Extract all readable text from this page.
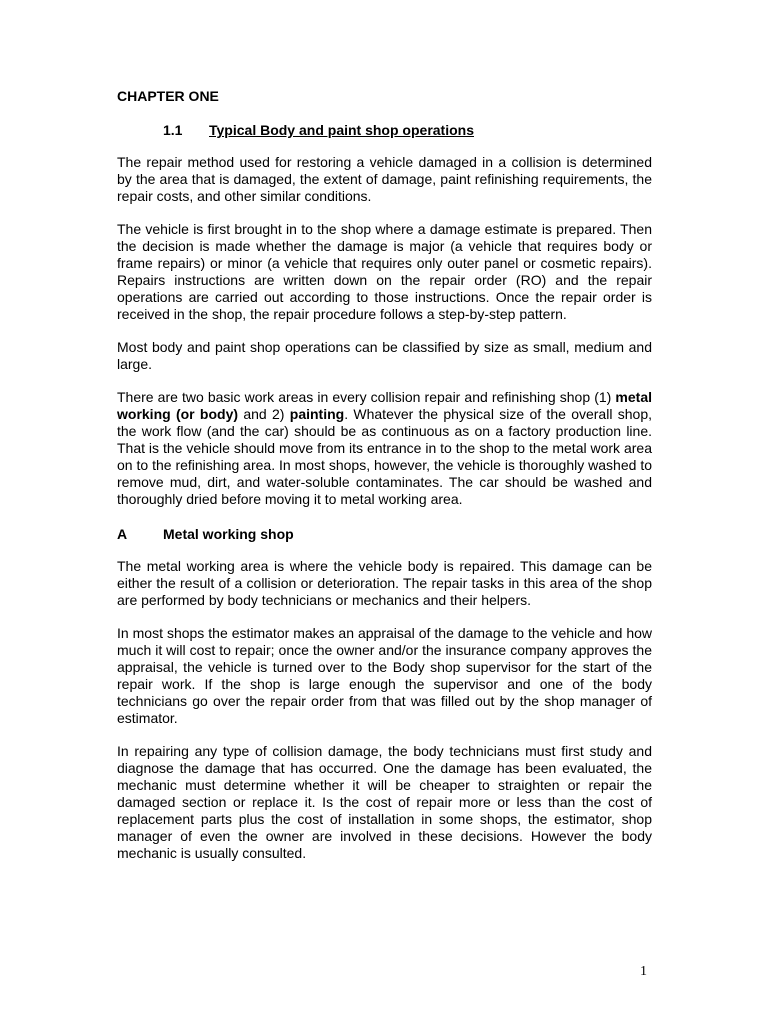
CHAPTER ONE
1.1	Typical Body and paint shop operations

The repair method used for restoring a vehicle damaged in a collision is determined by the area that is damaged, the extent of damage, paint refinishing requirements, the repair costs, and other similar conditions.

The vehicle is first brought in to the shop where a damage estimate is prepared. Then the decision is made whether the damage is major (a vehicle that requires body or frame repairs) or minor (a vehicle that requires only outer panel or cosmetic repairs). Repairs instructions are written down on the repair order (RO) and the repair operations are carried out according to those instructions. Once the repair order is received in the shop, the repair procedure follows a step-by-step pattern.

Most body and paint shop operations can be classified by size as small, medium and large.

There are two basic work areas in every collision repair and refinishing shop (1) metal working (or body) and 2) painting. Whatever the physical size of the overall shop, the work flow (and the car) should be as continuous as on a factory production line. That is the vehicle should move from its entrance in to the shop to the metal work area on to the refinishing area. In most shops, however, the vehicle is thoroughly washed to remove mud, dirt, and water-soluble contaminates. The car should be washed and thoroughly dried before moving it to metal working area.

A	Metal working shop

The metal working area is where the vehicle body is repaired. This damage can be either the result of a collision or deterioration. The repair tasks in this area of the shop are performed by body technicians or mechanics and their helpers.

In most shops the estimator makes an appraisal of the damage to the vehicle and how much it will cost to repair; once the owner and/or the insurance company approves the appraisal, the vehicle is turned over to the Body shop supervisor for the start of the repair work. If the shop is large enough the supervisor and one of the body technicians go over the repair order from that was filled out by the shop manager of estimator.

In repairing any type of collision damage, the body technicians must first study and diagnose the damage that has occurred. One the damage has been evaluated, the mechanic must determine whether it will be cheaper to straighten or repair the damaged section or replace it. Is the cost of repair more or less than the cost of replacement parts plus the cost of installation in some shops, the estimator, shop manager of even the owner are involved in these decisions. However the body mechanic is usually consulted.

1
